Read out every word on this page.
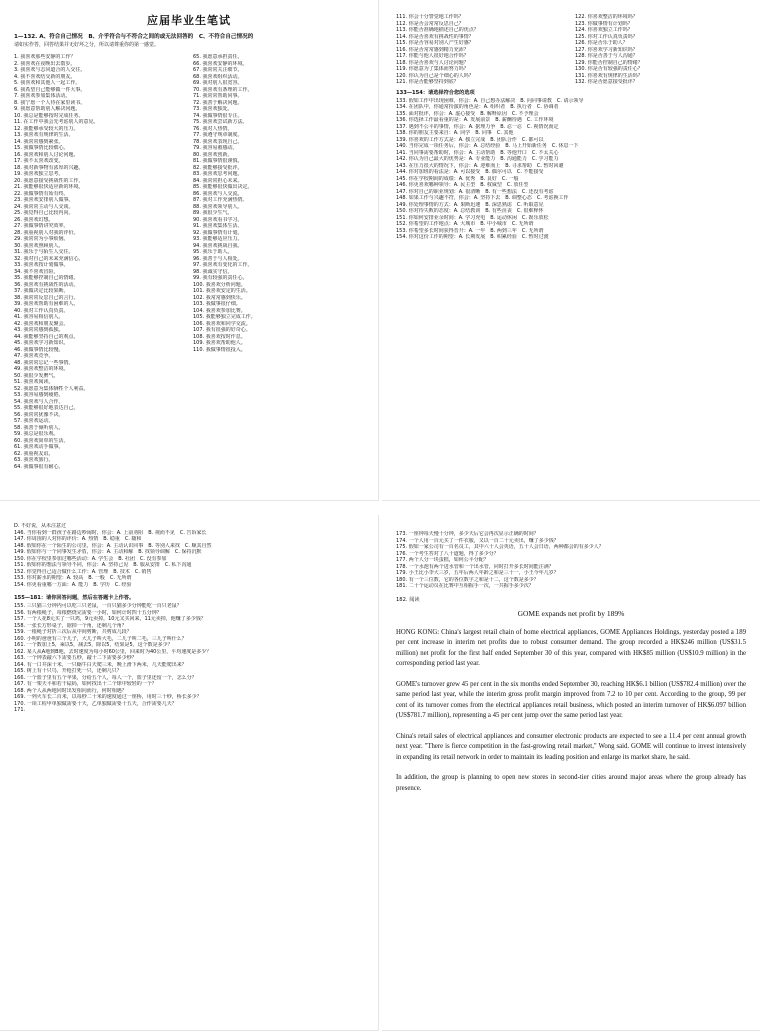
应届毕业生笔试
1—132. A、符合自己情况　B、介乎符合与不符合之间的或无法回答的　C、不符合自己情况的
请如实作答，回答结果并无好坏之分，所以请尊重你的第一感觉。
1. 我喜欢那些安静的工作？
2. 我喜欢在夜晚出去散步。
3. 我喜欢与志同道合的人交往。
4. 我不喜欢结交新的朋友。
5. 我喜欢和其他人一起工作。
6. 我希望自己能够做一件大事。
7. 我喜欢参加集体活动。
8. 我宁愿一个人待在家里读书。
9. 我愿意帮助别人解决问题。
10. 我总是能够按时完成任务。
11. 在工作中我会先考虑别人的意见。
12. 我能够承受较大的压力。
13. 我喜欢有规律的生活。
14. 我常常感到紧张。
15. 我做事情比较细心。
16. 我喜欢和别人讨论问题。
17. 我不太喜欢改变。
18. 我对新事物有浓厚的兴趣。
19. 我喜欢独立思考。
20. 我愿意接受挑战性的工作。
21. 我能够很快适应新的环境。
22. 我做事情有始有终。
23. 我喜欢安排别人做事。
24. 我常常主动与人交谈。
25. 我觉得自己比较内向。
26. 我喜欢幻想。
27. 我做事情讲究效率。
28. 我重视别人对我的评价。
29. 我常常为小事烦恼。
30. 我喜欢照顾别人。
31. 我乐于与陌生人交往。
32. 我对自己的未来充满信心。
33. 我喜欢按计划做事。
34. 我不喜欢冒险。
35. 我能够控制自己的情绪。
36. 我喜欢有挑战性的活动。
37. 我做决定比较果断。
38. 我常常反思自己的言行。
39. 我喜欢帮助有困难的人。
40. 我对工作认真负责。
41. 我容易相信别人。
42. 我喜欢和朋友聚会。
43. 我常常感到孤独。
44. 我能够坚持自己的观点。
45. 我喜欢学习新知识。
46. 我做事情比较慢。
47. 我喜欢竞争。
48. 我常常忘记一些事情。
49. 我喜欢整洁的环境。
50. 我很少发脾气。
51. 我喜欢阅读。
52. 我愿意为集体牺牲个人利益。
53. 我容易感到疲倦。
54. 我喜欢与人合作。
55. 我能够很好地表达自己。
56. 我常常犹豫不决。
57. 我喜欢运动。
58. 我善于倾听别人。
59. 我总是很乐观。
60. 我喜欢简单的生活。
61. 我喜欢动手做事。
62. 我重视友谊。
63. 我喜欢旅行。
64. 我做事很有耐心。
65. 我愿意承担责任。
66. 我喜欢安静的环境。
67. 我常常关注细节。
68. 我喜欢组织活动。
69. 我对别人很宽容。
70. 我喜欢有条理的工作。
71. 我常常帮助同事。
72. 我善于解决问题。
73. 我喜欢独处。
74. 我做事情很专注。
75. 我喜欢尝试新方法。
76. 我对人热情。
77. 我遵守规章制度。
78. 我喜欢表现自己。
79. 我容易被感动。
80. 我喜欢创新。
81. 我做事情很谨慎。
82. 我能够接受批评。
83. 我喜欢思考问题。
84. 我常常担心未来。
85. 我能够很快做出决定。
86. 我喜欢与人交流。
87. 我对工作充满热情。
88. 我喜欢领导别人。
89. 我很少生气。
90. 我喜欢看书学习。
91. 我喜欢集体生活。
92. 我做事情有计划。
93. 我能够适应压力。
94. 我喜欢挑战自我。
95. 我乐于助人。
96. 我善于与人相处。
97. 我喜欢有变化的工作。
98. 我诚实守信。
99. 我有较强的责任心。
100. 我喜欢分析问题。
101. 我喜欢安定的生活。
102. 我常常感到快乐。
103. 我做事很仔细。
104. 我喜欢参加比赛。
105. 我能够独立完成工作。
106. 我喜欢和同学交流。
107. 我有很强的好奇心。
108. 我喜欢按时作息。
109. 我喜欢帮助他人。
110. 我做事情很投入。
111. 你会十分警觉地工作吗？
112. 你是否会常常反思自己？
113. 你能否准确地描述自己的优点？
114. 你是否喜欢有挑战性的事情？
115. 你是否容易对别人产生好感？
116. 你是否常常感到精力充沛？
117. 你能与他人很好地合作吗？
118. 你是否喜欢与人讨论问题？
119. 你愿意为了集体而努力吗？
120. 你认为自己是个细心的人吗？
121. 你是否能够坚持到底？
122. 你喜欢整洁的环境吗？
123. 你做事情有计划吗？
124. 你喜欢独立工作吗？
125. 你对工作认真负责吗？
126. 你是否乐于助人？
127. 你喜欢学习新知识吗？
128. 你是否善于与人沟通？
129. 你能否控制自己的情绪？
130. 你是否有较强的责任心？
131. 你喜欢有规律的生活吗？
132. 你是否愿意接受批评？
133—154：请选择符合您的选项
133. 假如工作中出现困难，你会：A. 自己想办法解决　B. 向同事请教　C. 请示领导
134. 在团队中，你通常扮演的角色是：A. 组织者　B. 执行者　C. 协调者
135. 面对批评，你会：A. 虚心接受　B. 解释原因　C. 不予理会
136. 你选择工作最看重的是：A. 发展前景　B. 薪酬待遇　C. 工作环境
137. 遇到不公平的事情，你会：A. 据理力争　B. 忍一忍　C. 视情况而定
138. 你的朋友主要来自：A. 同学　B. 同事　C. 其他
139. 你喜欢的工作方式是：A. 独立完成　B. 团队合作　C. 都可以
140. 当你完成一项任务后，你会：A. 总结经验　B. 马上开始新任务　C. 休息一下
141. 当同事需要帮助时，你会：A. 主动帮助　B. 等他开口　C. 不太关心
142. 你认为自己最大的优势是：A. 专业能力　B. 沟通能力　C. 学习能力
143. 在压力很大的情况下，你会：A. 迎难而上　B. 寻求帮助　C. 暂时回避
144. 你对加班的看法是：A. 可以接受　B. 偶尔可以　C. 不能接受
145. 你在学校期间的成绩：A. 优秀　B. 良好　C. 一般
146. 你更喜欢哪种领导：A. 民主型　B. 权威型　C. 放任型
147. 你对自己的职业规划：A. 很清晰　B. 有一些想法　C. 还没有考虑
148. 如果工作与兴趣不符，你会：A. 坚持下去　B. 调整心态　C. 考虑换工作
149. 你处理事情的方式：A. 果断迅速　B. 深思熟虑　C. 听取意见
150. 你对待失败的态度：A. 总结教训　B. 有些沮丧　C. 很难释怀
151. 你如何安排业余时间：A. 学习充电　B. 运动休闲　C. 娱乐放松
152. 你希望的工作地点：A. 大城市　B. 中小城市　C. 无所谓
153. 你希望多长时间获得晋升：A. 一年　B. 两到三年　C. 无所谓
154. 你对这份工作的期望：A. 长期发展　B. 积累经验　C. 暂时过渡
D. 不好说，从未注意过
146. 当你看到一群孩子在路边吵闹时，你会：A. 上前劝阻　B. 视而不见　C. 告诉家长
147. 你周围的人对你的评价：A. 热情　B. 稳重　C. 随和
148. 假如你在一个陌生的公司里，你会：A. 主动认识同事　B. 等别人来找　C. 顺其自然
149. 假如你与一个同事发生矛盾，你会：A. 主动和解　B. 找领导调解　C. 保持沉默
150. 你在学校里参加过哪些活动：A. 学生会　B. 社团　C. 没有参加
151. 假如你的想法与领导不同，你会：A. 坚持己见　B. 服从安排　C. 私下沟通
152. 你觉得自己适合做什么工作：A. 管理　B. 技术　C. 销售
153. 你对薪水的期望：A. 较高　B. 一般　C. 无所谓
154. 你更看重哪一方面：A. 能力　B. 学历　C. 经验
155—181：请你回答问题，然后在答题卡上作答。
155. 三只猫三分钟内可以吃三只老鼠，一百只猫多少分钟能吃一百只老鼠？
156. 有两根绳子，每根燃烧完需要一小时，如何计时四十五分钟？
157. 一个人花8元买了一只鸡，9元卖掉，10元又买回来，11元卖掉，他赚了多少钱？
158. 一张长方形桌子，锯掉一个角，还剩几个角？
159. 一根绳子对折三次后从中间剪断，共剪成几段？
160. 小明的爸爸有三个儿子，大儿子叫大毛，二儿子叫二毛，三儿子叫什么？
161. 一个数加上5，乘以5，减去5，除以5，结果是5，这个数是多少？
162. 某人从A地到B地，去时速度为每小时60公里，回来时为40公里，平均速度是多少？
163. 一个钟表敲六下需要五秒，敲十二下需要多少秒？
164. 有一口井深十米，一只蜗牛白天爬三米，晚上滑下两米，几天能爬出来？
165. 树上有十只鸟，开枪打死一只，还剩几只？
166. 一个篮子里有五个苹果，分给五个人，每人一个，篮子里还留一个，怎么分？
167. 有一架天平和若干砝码，如何找出十二个球中较轻的一个？
168. 两个人从两地同时出发相向而行，何时相遇？
169. 一列火车长二百米，以每秒二十米的速度通过一座桥，用时三十秒，桥长多少？
170. 一项工程甲单独做需要十天，乙单独做需要十五天，合作需要几天？
171.
173. 一座钟每天慢十分钟，多少天后它会再次显示正确的时间？
174. 一个人用一百元买了一件衣服，又以一百二十元卖出，赚了多少钱？
175. 假如一家公司有一百名员工，其中六十人会英语，五十人会日语，两种都会的有多少人？
176. 一个考生答对了八十道题，得了多少分？
177. 两个人分一块蛋糕，如何公平分配？
178. 一个水池有两个进水管和一个出水管，同时打开多长时间能注满？
179. 小王比小李大三岁，五年后两人年龄之和是三十一，小王今年几岁？
180. 有一个三位数，它的各位数字之和是十二，这个数是多少？
181. 二十个运动员在比赛中互相握手一次，一共握手多少次？
182. 阅读
GOME expands net profit by 189%

HONG KONG: China's largest retail chain of home electrical appliances, GOME Appliances Holdings, yesterday posted a 189 per cent increase in interim net profits due to robust consumer demand. The group recorded a HK$246 million (US$31.5 million) net profit for the first half ended September 30 of this year, compared with HK$85 million (US$10.9 million) in the corresponding period last year.

GOME's turnover grew 45 per cent in the six months ended September 30, reaching HK$6.1 billion (US$782.4 million) over the same period last year, while the interim gross profit margin improved from 7.2 to 10 per cent. According to the group, 99 per cent of its turnover comes from the electrical appliances retail business, which posted an interim turnover of HK$6.097 billion (US$781.7 million), representing a 45 per cent jump over the same period last year.

China's retail sales of electrical appliances and consumer electronic products are expected to see a 11.4 per cent annual growth next year. "There is fierce competition in the fast-growing retail market," Wong said. GOME will continue to invest intensively in expanding its retail network in order to maintain its leading position and enlarge its market share, he said.

In addition, the group is planning to open new stores in second-tier cities around major areas where the group already has presence.
